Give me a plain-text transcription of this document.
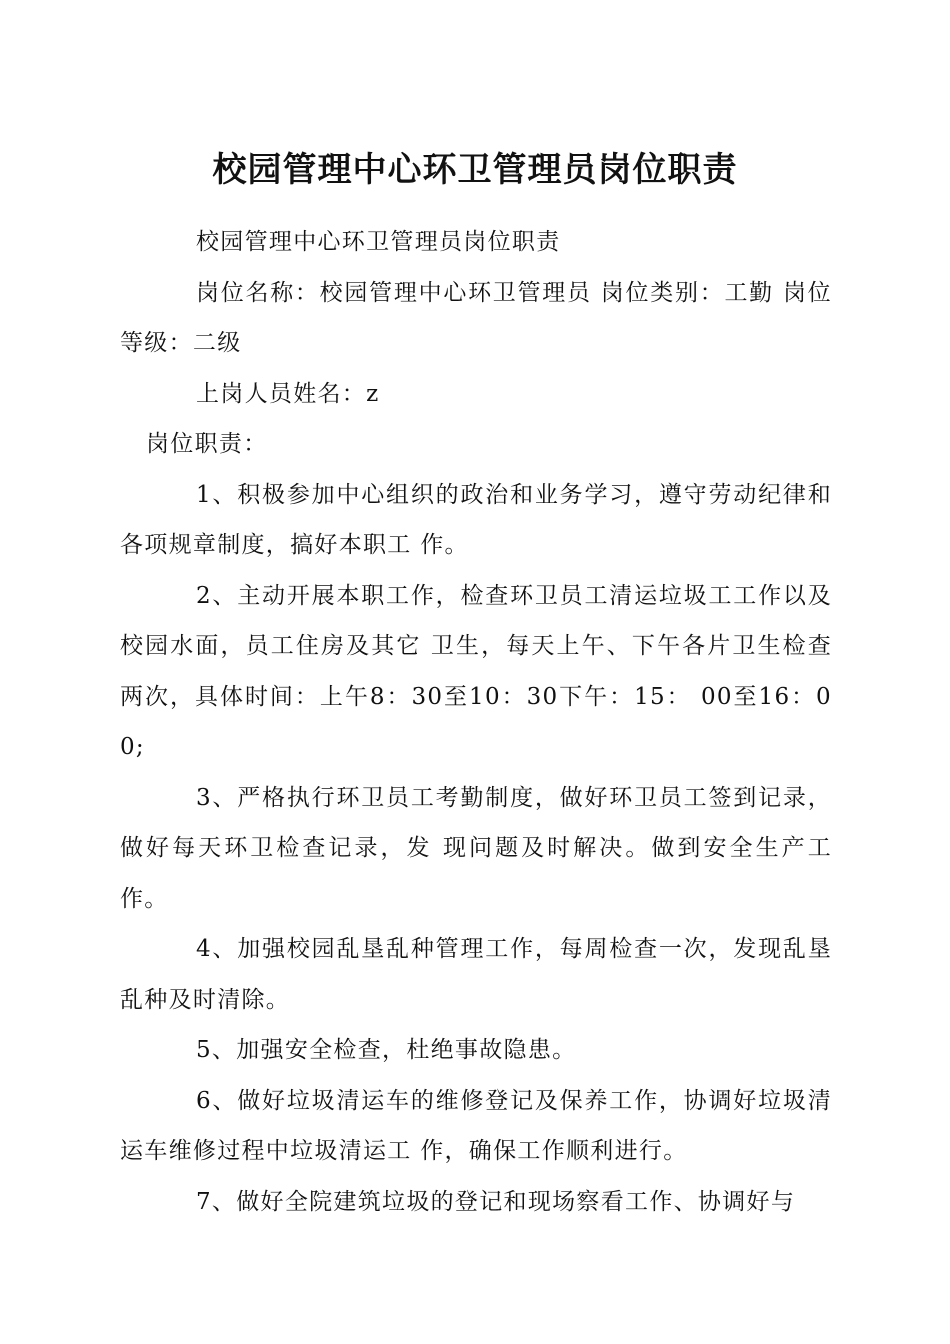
校园管理中心环卫管理员岗位职责

校园管理中心环卫管理员岗位职责

岗位名称：校园管理中心环卫管理员 岗位类别：工勤 岗位等级：二级

上岗人员姓名：z

岗位职责：

1、积极参加中心组织的政治和业务学习，遵守劳动纪律和各项规章制度，搞好本职工 作。

2、主动开展本职工作，检查环卫员工清运垃圾工工作以及校园水面，员工住房及其它 卫生，每天上午、下午各片卫生检查两次，具体时间：上午8：30至10：30下午：15： 00至16：00;

3、严格执行环卫员工考勤制度，做好环卫员工签到记录，做好每天环卫检查记录，发 现问题及时解决。做到安全生产工作。

4、加强校园乱垦乱种管理工作，每周检查一次，发现乱垦乱种及时清除。

5、加强安全检查，杜绝事故隐患。

6、做好垃圾清运车的维修登记及保养工作，协调好垃圾清运车维修过程中垃圾清运工 作，确保工作顺利进行。

7、做好全院建筑垃圾的登记和现场察看工作、协调好与
